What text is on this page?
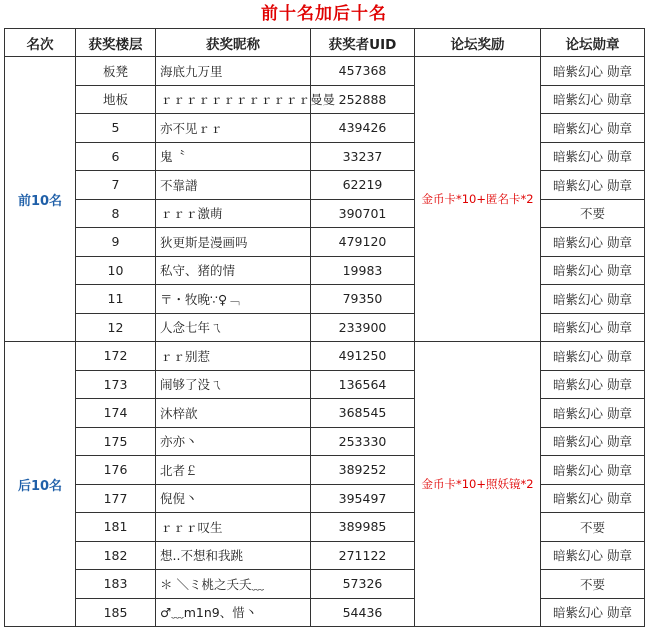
前十名加后十名
名次	获奖楼层	获奖昵称	获奖者UID	论坛奖励	论坛勋章
前10名	板凳	海底九万里	457368	金币卡*10+匿名卡*2	暗紫幻心 勋章
	地板	ｒｒｒｒｒｒｒｒｒｒｒｒ曼曼	252888		暗紫幻心 勋章
	5	亦不见ｒｒ	439426		暗紫幻心 勋章
	6	鬼〝	33237		暗紫幻心 勋章
	7	不靠譜	62219		暗紫幻心 勋章
	8	ｒｒｒ激萌	390701		不要
	9	狄更斯是漫画吗	479120		暗紫幻心 勋章
	10	私守、猪的情	19983		暗紫幻心 勋章
	11	〒・牧晚∵♀﹁	79350		暗紫幻心 勋章
	12	人念七年ㄟ	233900		暗紫幻心 勋章
后10名	172	ｒｒ别惹	491250	金币卡*10+照妖镜*2	暗紫幻心 勋章
	173	闹够了没ㄟ	136564		暗紫幻心 勋章
	174	沐梓歆	368545		暗紫幻心 勋章
	175	亦亦丶	253330		暗紫幻心 勋章
	176	北者￡	389252		暗紫幻心 勋章
	177	倪倪丶	395497		暗紫幻心 勋章
	181	ｒｒｒ叹生	389985		不要
	182	想..不想和我跳	271122		暗紫幻心 勋章
	183	＊ ＼ミ桃之夭夭﹏	57326		不要
	185	♂﹏m1n9、惜丶	54436		暗紫幻心 勋章
